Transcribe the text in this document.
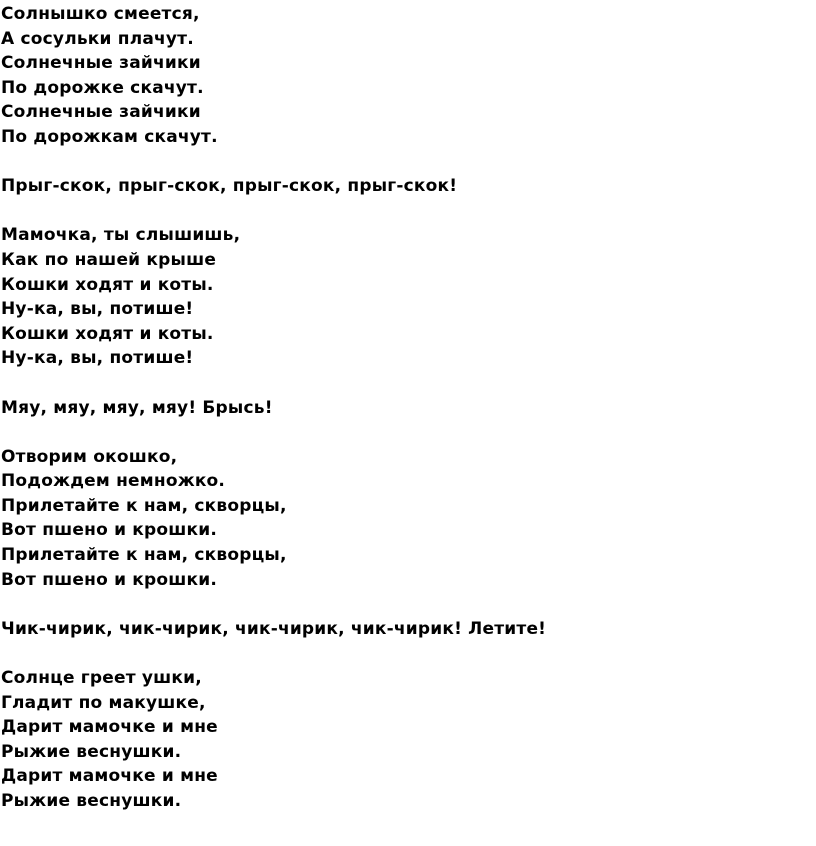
Солнышко смеется,
А сосульки плачут.
Солнечные зайчики
По дорожке скачут.
Солнечные зайчики
По дорожкам скачут.
Прыг-скок, прыг-скок, прыг-скок, прыг-скок!
Мамочка, ты слышишь,
Как по нашей крыше
Кошки ходят и коты.
Ну-ка, вы, потише!
Кошки ходят и коты.
Ну-ка, вы, потише!
Мяу, мяу, мяу, мяу! Брысь!
Отворим окошко,
Подождем немножко.
Прилетайте к нам, скворцы,
Вот пшено и крошки.
Прилетайте к нам, скворцы,
Вот пшено и крошки.
Чик-чирик, чик-чирик, чик-чирик, чик-чирик! Летите!
Солнце греет ушки,
Гладит по макушке,
Дарит мамочке и мне
Рыжие веснушки.
Дарит мамочке и мне
Рыжие веснушки.
